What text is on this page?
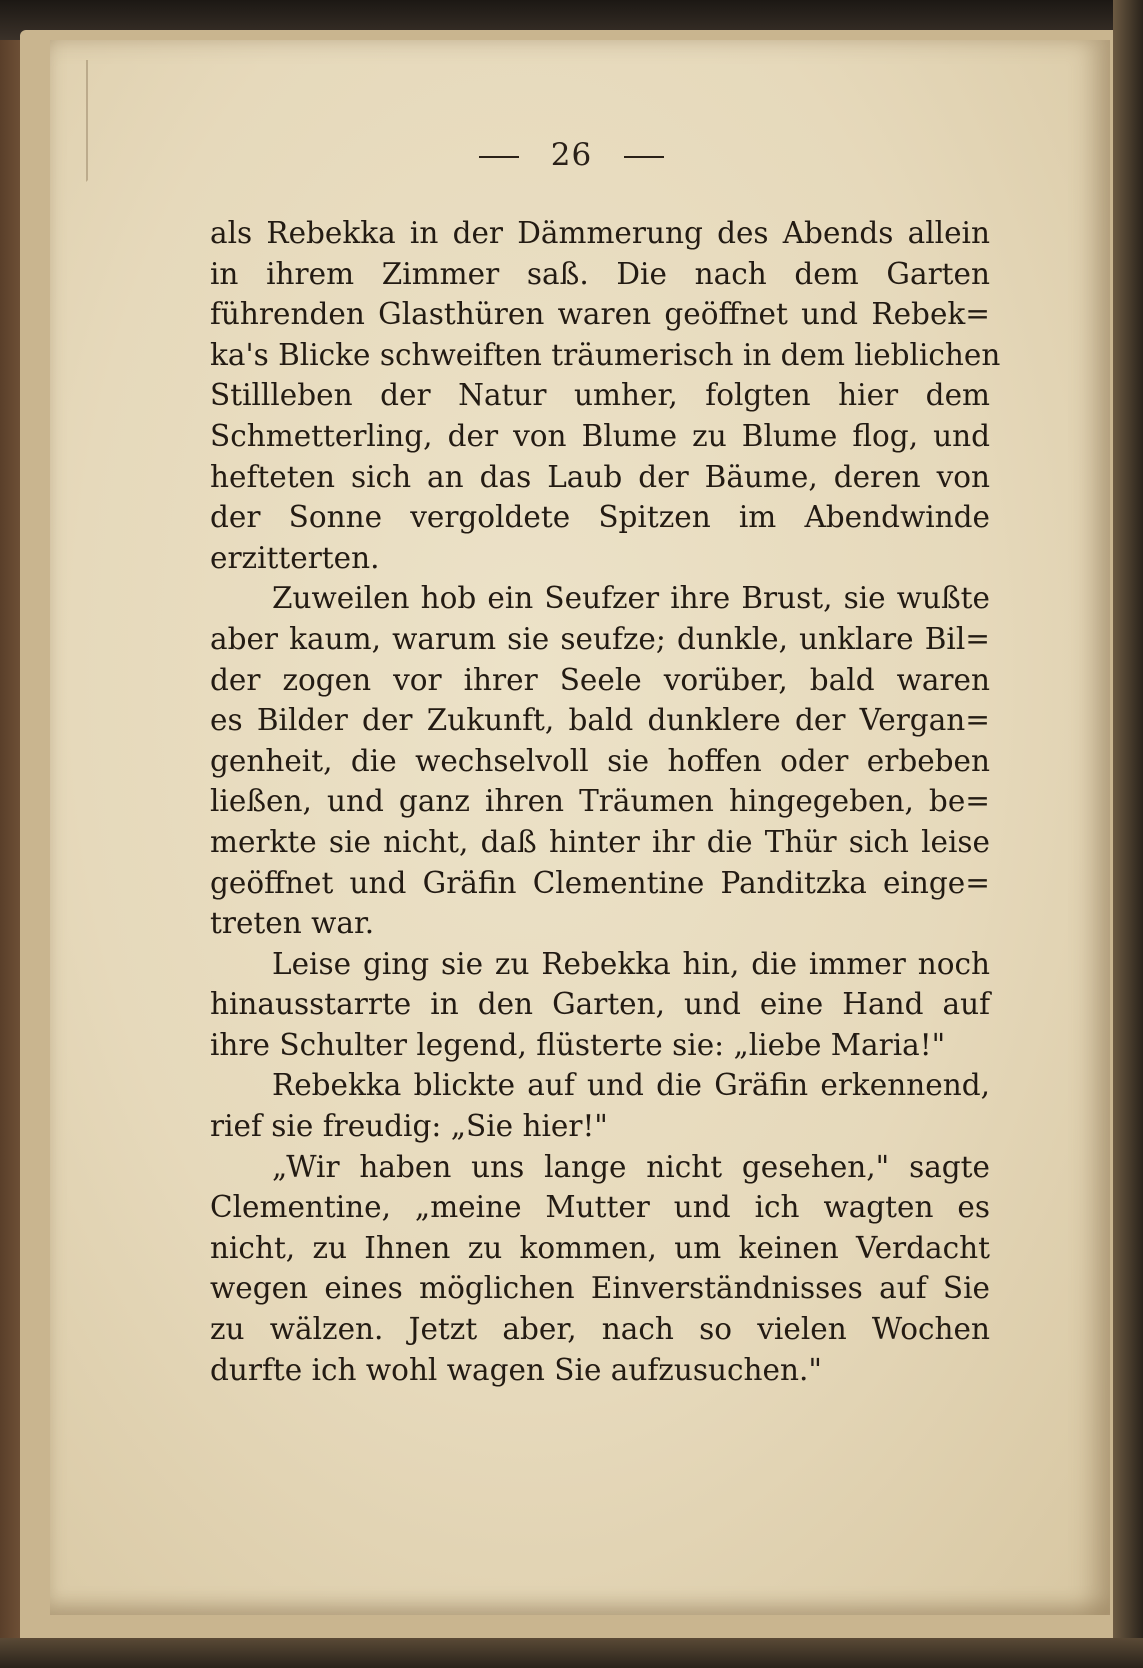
26
als Rebekka in der Dämmerung des Abends allein
in ihrem Zimmer saß. Die nach dem Garten
führenden Glasthüren waren geöffnet und Rebek=
ka's Blicke schweiften träumerisch in dem lieblichen
Stillleben der Natur umher, folgten hier dem
Schmetterling, der von Blume zu Blume flog, und
hefteten sich an das Laub der Bäume, deren von
der Sonne vergoldete Spitzen im Abendwinde
erzitterten.
Zuweilen hob ein Seufzer ihre Brust, sie wußte
aber kaum, warum sie seufze; dunkle, unklare Bil=
der zogen vor ihrer Seele vorüber, bald waren
es Bilder der Zukunft, bald dunklere der Vergan=
genheit, die wechselvoll sie hoffen oder erbeben
ließen, und ganz ihren Träumen hingegeben, be=
merkte sie nicht, daß hinter ihr die Thür sich leise
geöffnet und Gräfin Clementine Panditzka einge=
treten war.
Leise ging sie zu Rebekka hin, die immer noch
hinausstarrte in den Garten, und eine Hand auf
ihre Schulter legend, flüsterte sie: „liebe Maria!"
Rebekka blickte auf und die Gräfin erkennend,
rief sie freudig: „Sie hier!"
„Wir haben uns lange nicht gesehen," sagte
Clementine, „meine Mutter und ich wagten es
nicht, zu Ihnen zu kommen, um keinen Verdacht
wegen eines möglichen Einverständnisses auf Sie
zu wälzen. Jetzt aber, nach so vielen Wochen
durfte ich wohl wagen Sie aufzusuchen."
